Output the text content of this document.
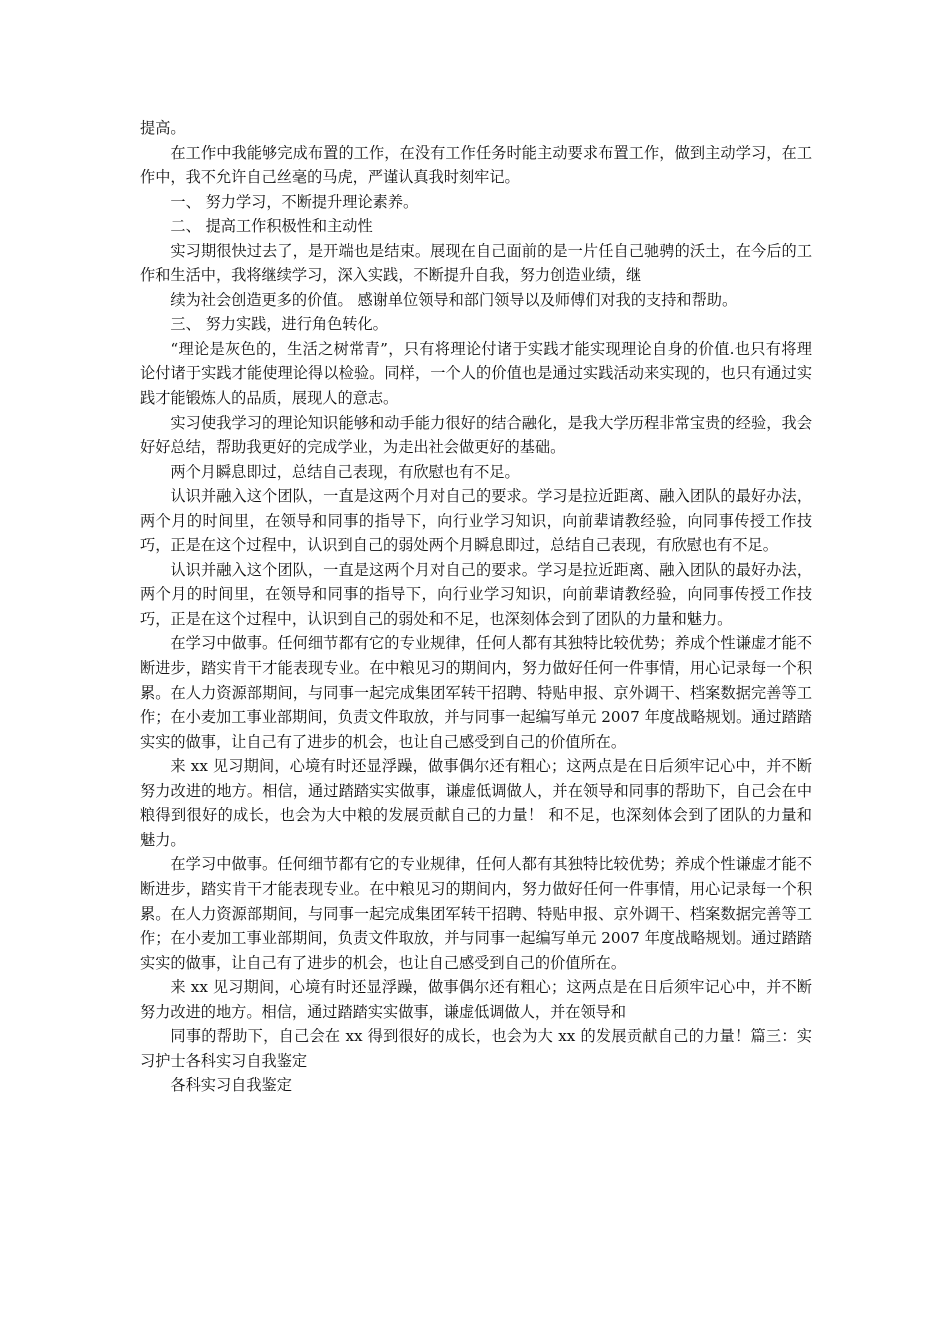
提高。

在工作中我能够完成布置的工作，在没有工作任务时能主动要求布置工作，做到主动学习，在工作中，我不允许自己丝毫的马虎，严谨认真我时刻牢记。

一、 努力学习，不断提升理论素养。

二、 提高工作积极性和主动性

实习期很快过去了，是开端也是结束。展现在自己面前的是一片任自己驰骋的沃土，在今后的工作和生活中，我将继续学习，深入实践，不断提升自我，努力创造业绩，继

续为社会创造更多的价值。 感谢单位领导和部门领导以及师傅们对我的支持和帮助。

三、 努力实践，进行角色转化。

“理论是灰色的，生活之树常青”，只有将理论付诸于实践才能实现理论自身的价值.也只有将理论付诸于实践才能使理论得以检验。同样，一个人的价值也是通过实践活动来实现的，也只有通过实践才能锻炼人的品质，展现人的意志。

实习使我学习的理论知识能够和动手能力很好的结合融化，是我大学历程非常宝贵的经验，我会好好总结，帮助我更好的完成学业，为走出社会做更好的基础。

两个月瞬息即过，总结自己表现，有欣慰也有不足。

认识并融入这个团队，一直是这两个月对自己的要求。学习是拉近距离、融入团队的最好办法，两个月的时间里，在领导和同事的指导下，向行业学习知识，向前辈请教经验，向同事传授工作技巧，正是在这个过程中，认识到自己的弱处两个月瞬息即过，总结自己表现，有欣慰也有不足。

认识并融入这个团队，一直是这两个月对自己的要求。学习是拉近距离、融入团队的最好办法，两个月的时间里，在领导和同事的指导下，向行业学习知识，向前辈请教经验，向同事传授工作技巧，正是在这个过程中，认识到自己的弱处和不足，也深刻体会到了团队的力量和魅力。

在学习中做事。任何细节都有它的专业规律，任何人都有其独特比较优势；养成个性谦虚才能不断进步，踏实肯干才能表现专业。在中粮见习的期间内，努力做好任何一件事情，用心记录每一个积累。在人力资源部期间，与同事一起完成集团军转干招聘、特贴申报、京外调干、档案数据完善等工作；在小麦加工事业部期间，负责文件取放，并与同事一起编写单元 2007 年度战略规划。通过踏踏实实的做事，让自己有了进步的机会，也让自己感受到自己的价值所在。

来 xx 见习期间，心境有时还显浮躁，做事偶尔还有粗心；这两点是在日后须牢记心中，并不断努力改进的地方。相信，通过踏踏实实做事，谦虚低调做人，并在领导和同事的帮助下，自己会在中粮得到很好的成长，也会为大中粮的发展贡献自己的力量！ 和不足，也深刻体会到了团队的力量和魅力。

在学习中做事。任何细节都有它的专业规律，任何人都有其独特比较优势；养成个性谦虚才能不断进步，踏实肯干才能表现专业。在中粮见习的期间内，努力做好任何一件事情，用心记录每一个积累。在人力资源部期间，与同事一起完成集团军转干招聘、特贴申报、京外调干、档案数据完善等工作；在小麦加工事业部期间，负责文件取放，并与同事一起编写单元 2007 年度战略规划。通过踏踏实实的做事，让自己有了进步的机会，也让自己感受到自己的价值所在。

来 xx 见习期间，心境有时还显浮躁，做事偶尔还有粗心；这两点是在日后须牢记心中，并不断努力改进的地方。相信，通过踏踏实实做事，谦虚低调做人，并在领导和

同事的帮助下，自己会在 xx 得到很好的成长，也会为大 xx 的发展贡献自己的力量！篇三：实习护士各科实习自我鉴定

各科实习自我鉴定
